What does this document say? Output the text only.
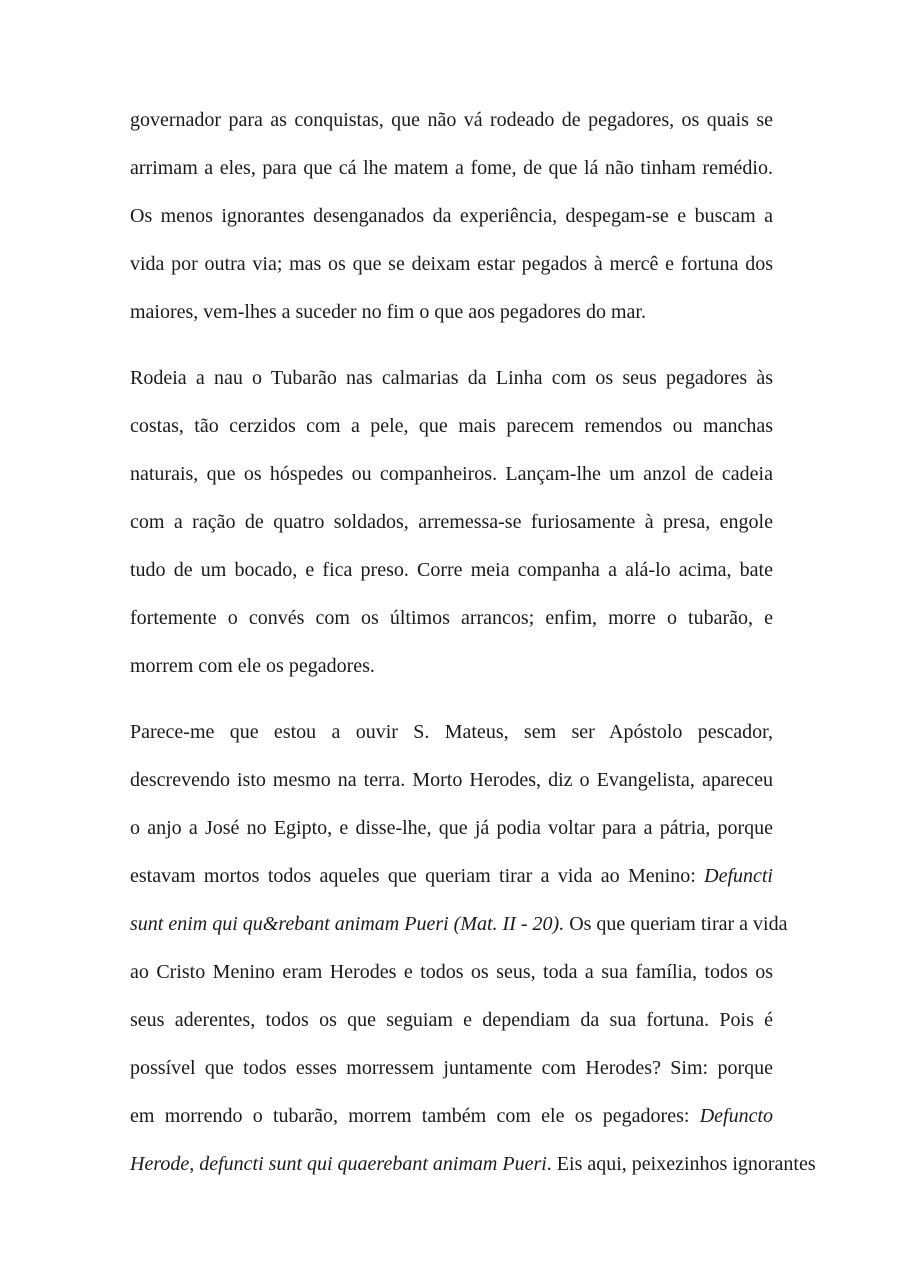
governador para as conquistas, que não vá rodeado de pegadores, os quais se
arrimam a eles, para que cá lhe matem a fome, de que lá não tinham remédio.
Os menos ignorantes desenganados da experiência, despegam-se e buscam a
vida por outra via; mas os que se deixam estar pegados à mercê e fortuna dos
maiores, vem-lhes a suceder no fim o que aos pegadores do mar.
Rodeia a nau o Tubarão nas calmarias da Linha com os seus pegadores às
costas, tão cerzidos com a pele, que mais parecem remendos ou manchas
naturais, que os hóspedes ou companheiros. Lançam-lhe um anzol de cadeia
com a ração de quatro soldados, arremessa-se furiosamente à presa, engole
tudo de um bocado, e fica preso. Corre meia companha a alá-lo acima, bate
fortemente o convés com os últimos arrancos; enfim, morre o tubarão, e
morrem com ele os pegadores.
Parece-me que estou a ouvir S. Mateus, sem ser Apóstolo pescador,
descrevendo isto mesmo na terra. Morto Herodes, diz o Evangelista, apareceu
o anjo a José no Egipto, e disse-lhe, que já podia voltar para a pátria, porque
estavam mortos todos aqueles que queriam tirar a vida ao Menino: Defuncti
sunt enim qui qu&rebant animam Pueri (Mat. II - 20). Os que queriam tirar a vida
ao Cristo Menino eram Herodes e todos os seus, toda a sua família, todos os
seus aderentes, todos os que seguiam e dependiam da sua fortuna. Pois é
possível que todos esses morressem juntamente com Herodes? Sim: porque
em morrendo o tubarão, morrem também com ele os pegadores: Defuncto
Herode, defuncti sunt qui quaerebant animam Pueri. Eis aqui, peixezinhos ignorantes
